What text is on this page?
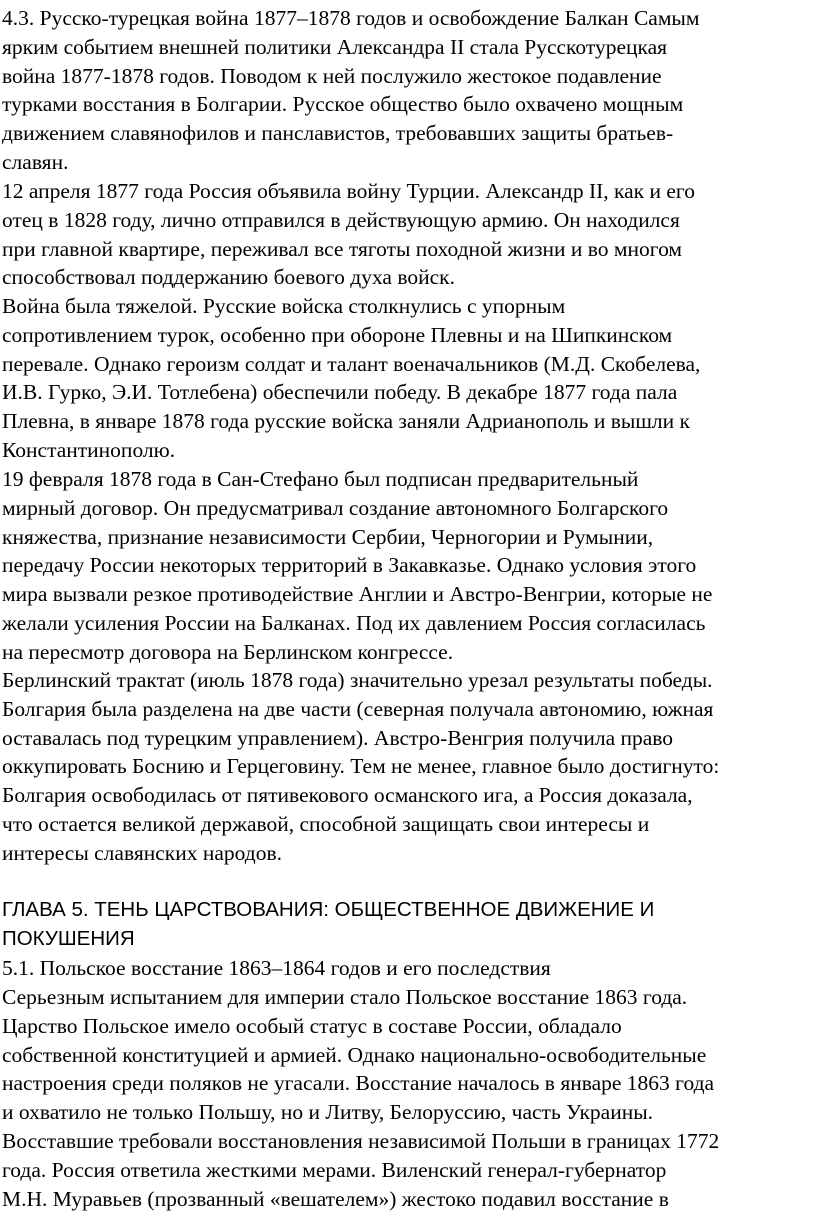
4.3. Русско-турецкая война 1877–1878 годов и освобождение Балкан Самым
ярким событием внешней политики Александра II стала Русскотурецкая
война 1877-1878 годов. Поводом к ней послужило жестокое подавление
турками восстания в Болгарии. Русское общество было охвачено мощным
движением славянофилов и панславистов, требовавших защиты братьев-
славян.

12 апреля 1877 года Россия объявила войну Турции. Александр II, как и его
отец в 1828 году, лично отправился в действующую армию. Он находился
при главной квартире, переживал все тяготы походной жизни и во многом
способствовал поддержанию боевого духа войск.

Война была тяжелой. Русские войска столкнулись с упорным
сопротивлением турок, особенно при обороне Плевны и на Шипкинском
перевале. Однако героизм солдат и талант военачальников (М.Д. Скобелева,
И.В. Гурко, Э.И. Тотлебена) обеспечили победу. В декабре 1877 года пала
Плевна, в январе 1878 года русские войска заняли Адрианополь и вышли к
Константинополю.

19 февраля 1878 года в Сан-Стефано был подписан предварительный
мирный договор. Он предусматривал создание автономного Болгарского
княжества, признание независимости Сербии, Черногории и Румынии,
передачу России некоторых территорий в Закавказье. Однако условия этого
мира вызвали резкое противодействие Англии и Австро-Венгрии, которые не
желали усиления России на Балканах. Под их давлением Россия согласилась
на пересмотр договора на Берлинском конгрессе.

Берлинский трактат (июль 1878 года) значительно урезал результаты победы.
Болгария была разделена на две части (северная получала автономию, южная
оставалась под турецким управлением). Австро-Венгрия получила право
оккупировать Боснию и Герцеговину. Тем не менее, главное было достигнуто:
Болгария освободилась от пятивекового османского ига, а Россия доказала,
что остается великой державой, способной защищать свои интересы и
интересы славянских народов.

ГЛАВА 5. ТЕНЬ ЦАРСТВОВАНИЯ: ОБЩЕСТВЕННОЕ ДВИЖЕНИЕ И
ПОКУШЕНИЯ

5.1. Польское восстание 1863–1864 годов и его последствия

Серьезным испытанием для империи стало Польское восстание 1863 года.
Царство Польское имело особый статус в составе России, обладало
собственной конституцией и армией. Однако национально-освободительные
настроения среди поляков не угасали. Восстание началось в январе 1863 года
и охватило не только Польшу, но и Литву, Белоруссию, часть Украины.
Восставшие требовали восстановления независимой Польши в границах 1772
года. Россия ответила жесткими мерами. Виленский генерал-губернатор
М.Н. Муравьев (прозванный «вешателем») жестоко подавил восстание в
